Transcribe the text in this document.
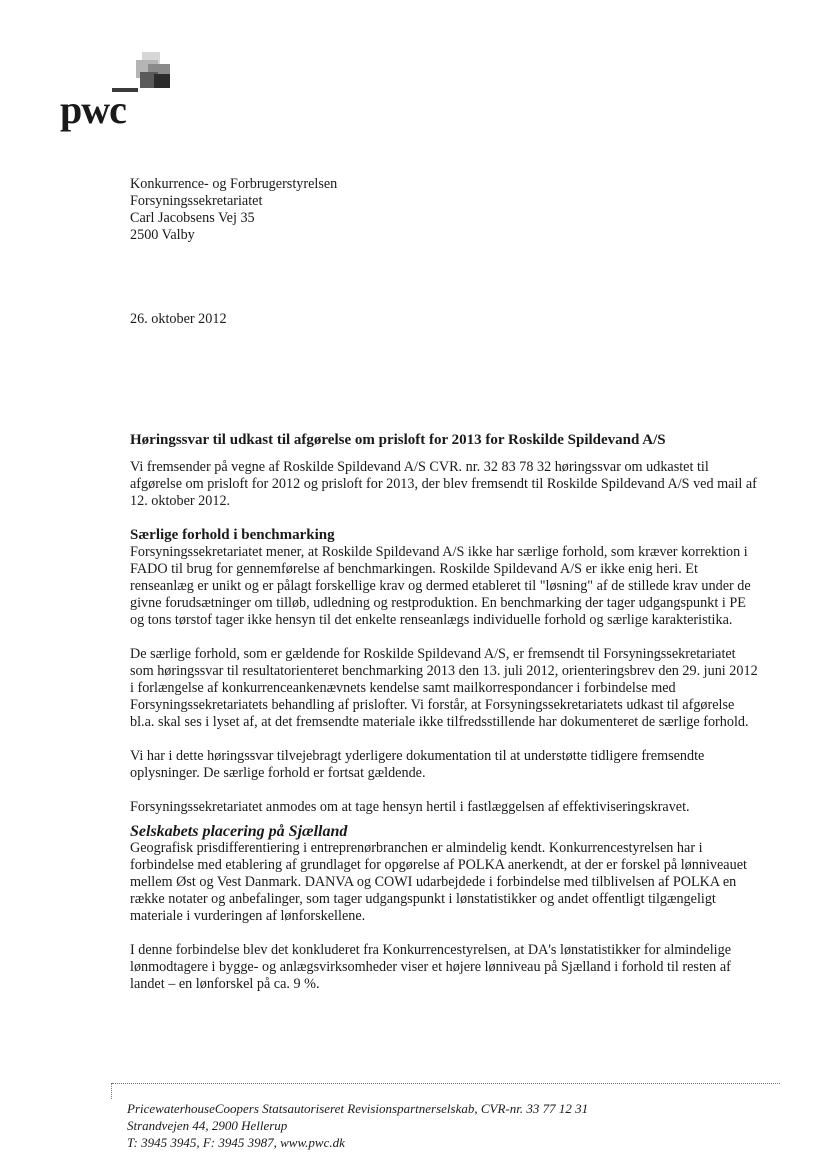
pwc
Konkurrence- og Forbrugerstyrelsen
Forsyningssekretariatet
Carl Jacobsens Vej 35
2500 Valby
26. oktober 2012
Høringssvar til udkast til afgørelse om prisloft for 2013 for Roskilde Spildevand A/S

Vi fremsender på vegne af Roskilde Spildevand A/S CVR. nr. 32 83 78 32 høringssvar om udkastet til afgørelse om prisloft for 2012 og prisloft for 2013, der blev fremsendt til Roskilde Spildevand A/S ved mail af 12. oktober 2012.

Særlige forhold i benchmarking

Forsyningssekretariatet mener, at Roskilde Spildevand A/S ikke har særlige forhold, som kræver korrektion i FADO til brug for gennemførelse af benchmarkingen. Roskilde Spildevand A/S er ikke enig heri. Et renseanlæg er unikt og er pålagt forskellige krav og dermed etableret til "løsning" af de stillede krav under de givne forudsætninger om tilløb, udledning og restproduktion. En benchmarking der tager udgangspunkt i PE og tons tørstof tager ikke hensyn til det enkelte renseanlægs individuelle forhold og særlige karakteristika.

De særlige forhold, som er gældende for Roskilde Spildevand A/S, er fremsendt til Forsyningssekretariatet som høringssvar til resultatorienteret benchmarking 2013 den 13. juli 2012, orienteringsbrev den 29. juni 2012 i forlængelse af konkurrenceankenævnets kendelse samt mailkorrespondancer i forbindelse med Forsyningssekretariatets behandling af prislofter. Vi forstår, at Forsyningssekretariatets udkast til afgørelse bl.a. skal ses i lyset af, at det fremsendte materiale ikke tilfredsstillende har dokumenteret de særlige forhold.

Vi har i dette høringssvar tilvejebragt yderligere dokumentation til at understøtte tidligere fremsendte oplysninger. De særlige forhold er fortsat gældende.

Forsyningssekretariatet anmodes om at tage hensyn hertil i fastlæggelsen af effektiviseringskravet.

Selskabets placering på Sjælland

Geografisk prisdifferentiering i entreprenørbranchen er almindelig kendt. Konkurrencestyrelsen har i forbindelse med etablering af grundlaget for opgørelse af POLKA anerkendt, at der er forskel på lønniveauet mellem Øst og Vest Danmark. DANVA og COWI udarbejdede i forbindelse med tilblivelsen af POLKA en række notater og anbefalinger, som tager udgangspunkt i lønstatistikker og andet offentligt tilgængeligt materiale i vurderingen af lønforskellene.

I denne forbindelse blev det konkluderet fra Konkurrencestyrelsen, at DA's lønstatistikker for almindelige lønmodtagere i bygge- og anlægsvirksomheder viser et højere lønniveau på Sjælland i forhold til resten af landet – en lønforskel på ca. 9 %.

PricewaterhouseCoopers Statsautoriseret Revisionspartnerselskab, CVR-nr. 33 77 12 31
Strandvejen 44, 2900 Hellerup
T: 3945 3945, F: 3945 3987, www.pwc.dk
